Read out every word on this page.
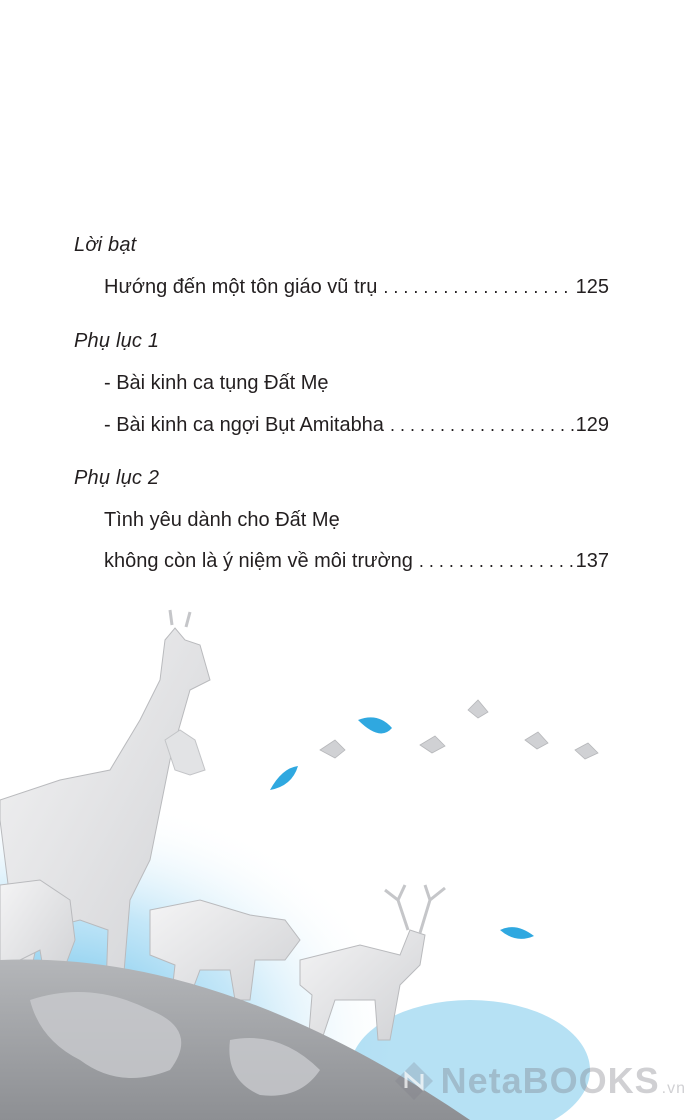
Lời bạt
Hướng đến một tôn giáo vũ trụ . . .	125
Phụ lục 1
- Bài kinh ca tụng Đất Mẹ
- Bài kinh ca ngợi Bụt Amitabha . . .	129
Phụ lục 2
Tình yêu dành cho Đất Mẹ
không còn là ý niệm về môi trường . . .	137
NetaBOOKS .vn
